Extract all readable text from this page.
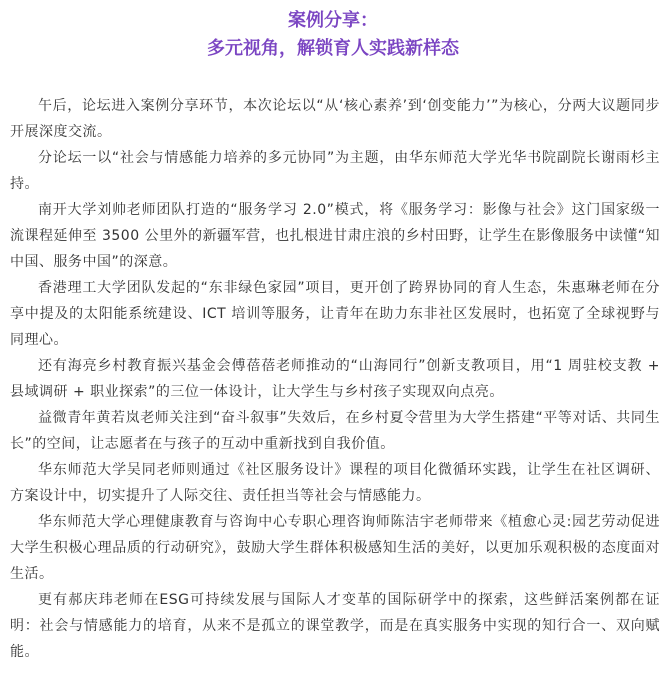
案例分享：
多元视角，解锁育人实践新样态

午后，论坛进入案例分享环节，本次论坛以“从‘核心素养’到‘创变能力’”为核心，分两大议题同步开展深度交流。

分论坛一以“社会与情感能力培养的多元协同”为主题，由华东师范大学光华书院副院长谢雨杉主持。

南开大学刘帅老师团队打造的“服务学习 2.0”模式，将《服务学习：影像与社会》这门国家级一流课程延伸至 3500 公里外的新疆军营，也扎根进甘肃庄浪的乡村田野，让学生在影像服务中读懂“知中国、服务中国”的深意。

香港理工大学团队发起的“东非绿色家园”项目，更开创了跨界协同的育人生态，朱惠琳老师在分享中提及的太阳能系统建设、ICT 培训等服务，让青年在助力东非社区发展时，也拓宽了全球视野与同理心。

还有海亮乡村教育振兴基金会傅蓓蓓老师推动的“山海同行”创新支教项目，用“1 周驻校支教 + 县域调研 + 职业探索”的三位一体设计，让大学生与乡村孩子实现双向点亮。

益微青年黄若岚老师关注到“奋斗叙事”失效后，在乡村夏令营里为大学生搭建“平等对话、共同生长”的空间，让志愿者在与孩子的互动中重新找到自我价值。

华东师范大学吴同老师则通过《社区服务设计》课程的项目化微循环实践，让学生在社区调研、方案设计中，切实提升了人际交往、责任担当等社会与情感能力。

华东师范大学心理健康教育与咨询中心专职心理咨询师陈洁宇老师带来《植愈心灵:园艺劳动促进大学生积极心理品质的行动研究》，鼓励大学生群体积极感知生活的美好，以更加乐观积极的态度面对生活。

更有郝庆玮老师在ESG可持续发展与国际人才变革的国际研学中的探索，这些鲜活案例都在证明：社会与情感能力的培育，从来不是孤立的课堂教学，而是在真实服务中实现的知行合一、双向赋能。
